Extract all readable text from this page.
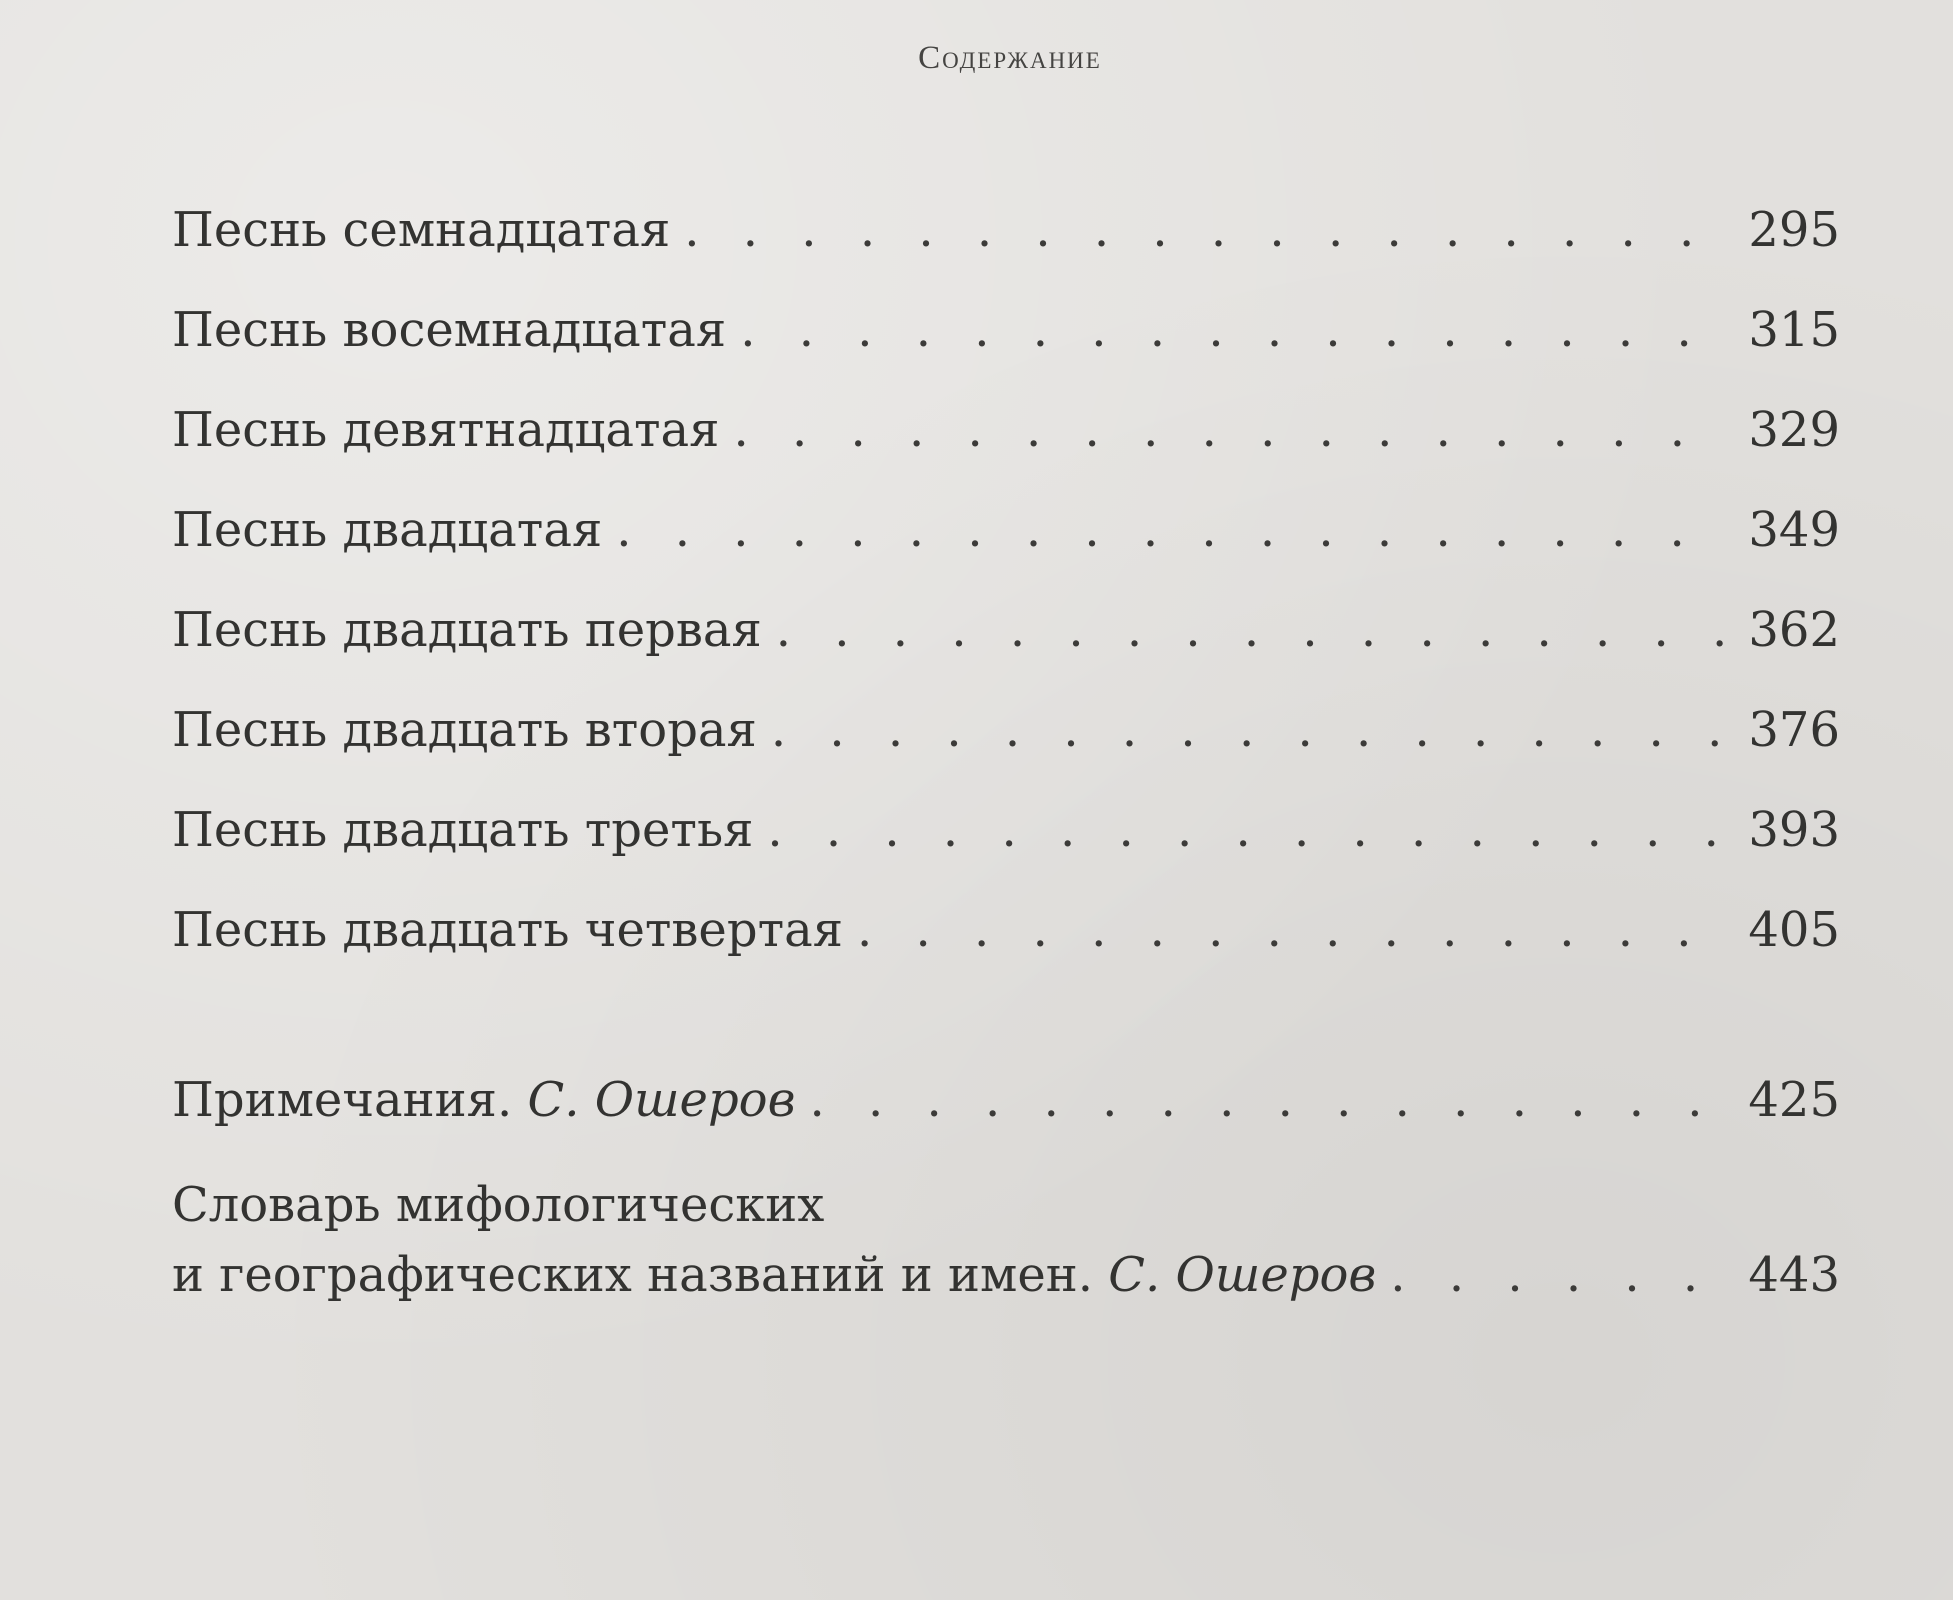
Содержание
Песнь семнадцатая . . .	295
Песнь восемнадцатая . . .	315
Песнь девятнадцатая . . .	329
Песнь двадцатая . . .	349
Песнь двадцать первая . . .	362
Песнь двадцать вторая . . .	376
Песнь двадцать третья . . .	393
Песнь двадцать четвертая . . .	405
Примечания. С. Ошеров . . .	425
Словарь мифологических
и географических названий и имен. С. Ошеров . . .	443
